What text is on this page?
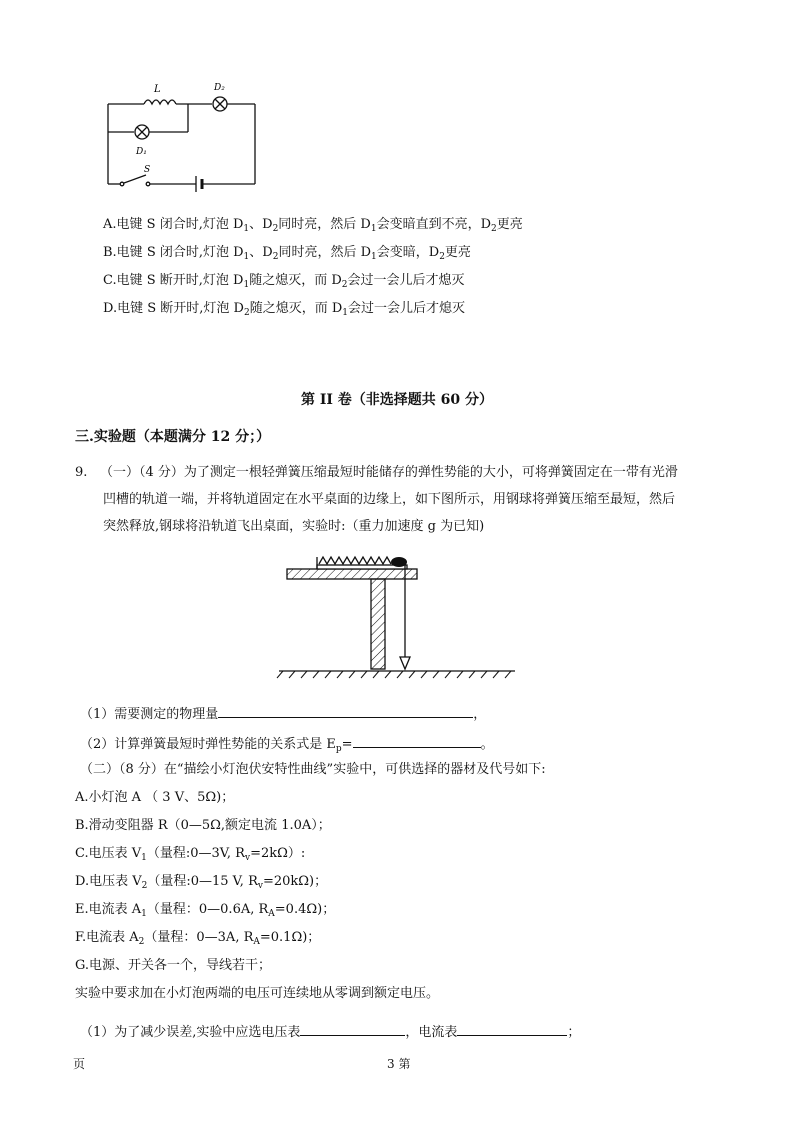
L	D₂
D₁
S
A.电键 S 闭合时,灯泡 $D_1$、$D_2$同时亮，然后 $D_1$会变暗直到不亮，$D_2$更亮
B.电键 S 闭合时,灯泡 $D_1$、$D_2$同时亮，然后 $D_1$会变暗，$D_2$更亮
C.电键 S 断开时,灯泡 $D_1$随之熄灭，而 $D_2$会过一会儿后才熄灭
D.电键 S 断开时,灯泡 $D_2$随之熄灭，而 $D_1$会过一会儿后才熄灭
第 II 卷（非选择题共 60 分）
三.实验题（本题满分 12 分；）
9. （一）（4 分）为了测定一根轻弹簧压缩最短时能储存的弹性势能的大小，可将弹簧固定在一带有光滑
凹槽的轨道一端，并将轨道固定在水平桌面的边缘上，如下图所示，用钢球将弹簧压缩至最短，然后
突然释放,钢球将沿轨道飞出桌面，实验时:（重力加速度 g 为已知)
（1）需要测定的物理量	，
（2）计算弹簧最短时弹性势能的关系式是 $E_p=$	。
（二）（8 分）在“描绘小灯泡伏安特性曲线”实验中，可供选择的器材及代号如下:
A.小灯泡 A （ 3 V、5Ω)；
B.滑动变阻器 R（0—5Ω,额定电流 1.0A）；
C.电压表 $V_1$（量程:0—3V, $R_v=2k\Omega$）:
D.电压表 $V_2$（量程:0—15 V, $R_v=20k\Omega$)；
E.电流表 $A_1$（量程：0—0.6A, $R_A=0.4\Omega$)；
F.电流表 $A_2$（量程：0—3A, $R_A=0.1\Omega$)；
G.电源、开关各一个，导线若干；
实验中要求加在小灯泡两端的电压可连续地从零调到额定电压。
（1）为了减少误差,实验中应选电压表	，电流表	；
页	3 第
